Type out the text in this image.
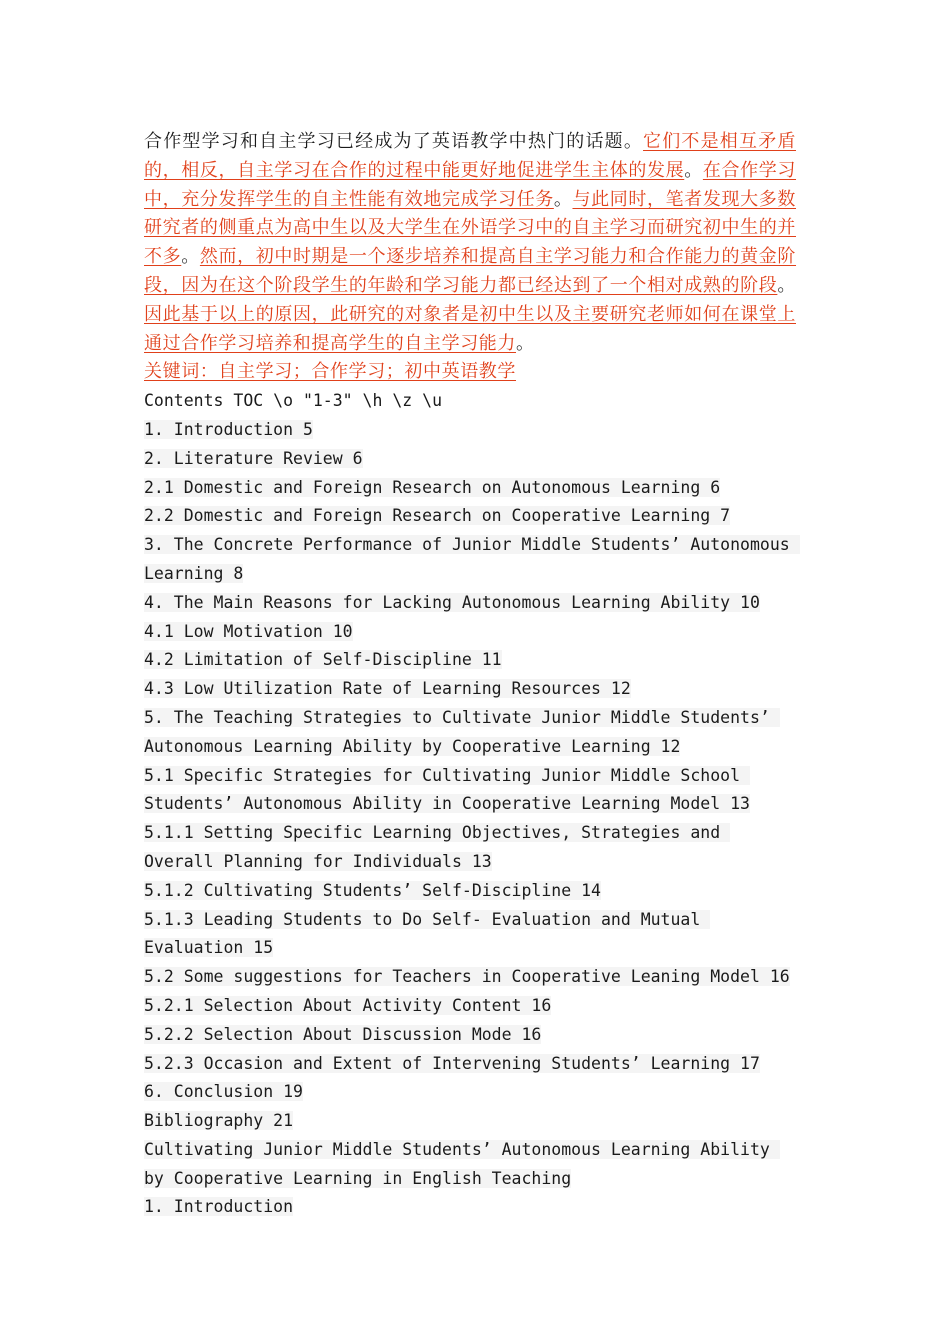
合作型学习和自主学习已经成为了英语教学中热门的话题。它们不是相互矛盾的，相反，自主学习在合作的过程中能更好地促进学生主体的发展。在合作学习中，充分发挥学生的自主性能有效地完成学习任务。与此同时，笔者发现大多数研究者的侧重点为高中生以及大学生在外语学习中的自主学习而研究初中生的并不多。然而，初中时期是一个逐步培养和提高自主学习能力和合作能力的黄金阶段，因为在这个阶段学生的年龄和学习能力都已经达到了一个相对成熟的阶段。因此基于以上的原因，此研究的对象者是初中生以及主要研究老师如何在课堂上通过合作学习培养和提高学生的自主学习能力。

关键词：自主学习；合作学习；初中英语教学

Contents TOC \o "1-3" \h \z \u

1. Introduction 5

2. Literature Review 6

2.1 Domestic and Foreign Research on Autonomous Learning 6

2.2 Domestic and Foreign Research on Cooperative Learning 7

3. The Concrete Performance of Junior Middle Students’ Autonomous Learning 8

4. The Main Reasons for Lacking Autonomous Learning Ability 10

4.1 Low Motivation 10

4.2 Limitation of Self-Discipline 11

4.3 Low Utilization Rate of Learning Resources 12

5. The Teaching Strategies to Cultivate Junior Middle Students’ Autonomous Learning Ability by Cooperative Learning 12

5.1 Specific Strategies for Cultivating Junior Middle School Students’ Autonomous Ability in Cooperative Learning Model 13

5.1.1 Setting Specific Learning Objectives, Strategies and Overall Planning for Individuals 13

5.1.2 Cultivating Students’ Self-Discipline 14

5.1.3 Leading Students to Do Self- Evaluation and Mutual Evaluation 15

5.2 Some suggestions for Teachers in Cooperative Leaning Model 16

5.2.1 Selection About Activity Content 16

5.2.2 Selection About Discussion Mode 16

5.2.3 Occasion and Extent of Intervening Students’ Learning 17

6. Conclusion 19

Bibliography 21

Cultivating Junior Middle Students’ Autonomous Learning Ability by Cooperative Learning in English Teaching

1. Introduction
